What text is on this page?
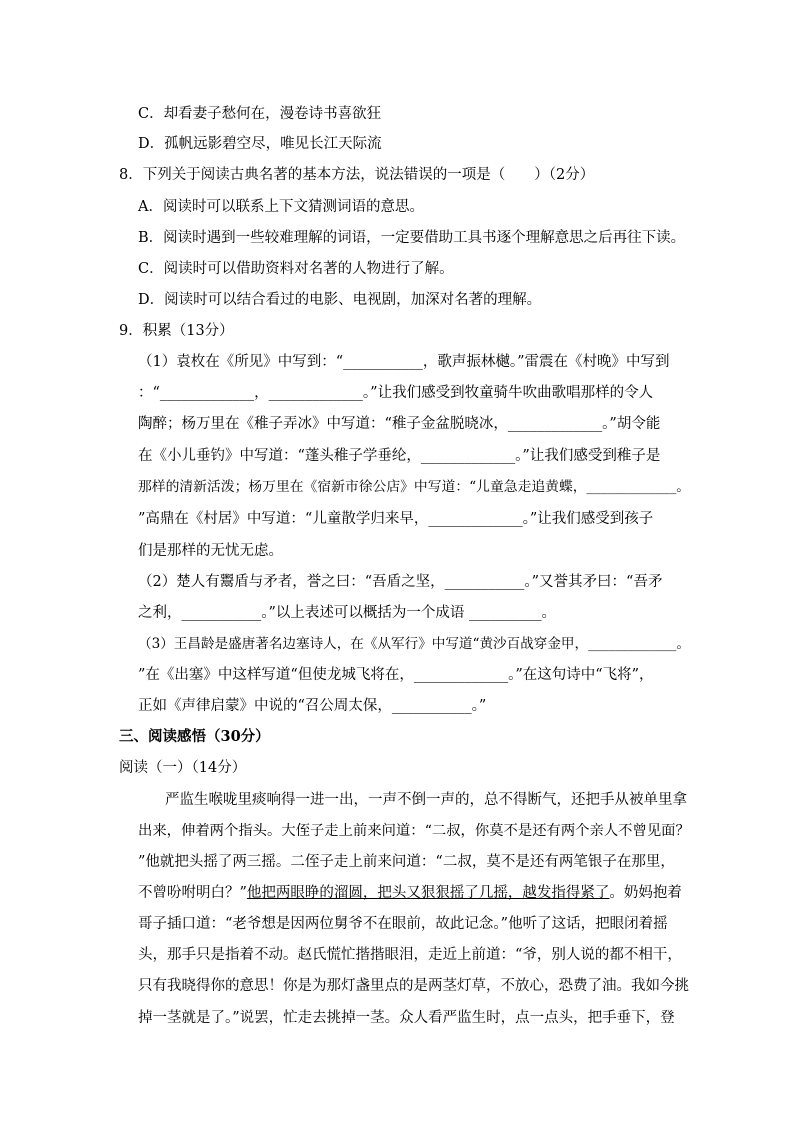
C．却看妻子愁何在，漫卷诗书喜欲狂
D．孤帆远影碧空尽，唯见长江天际流
8．下列关于阅读古典名著的基本方法，说法错误的一项是（　　）（2分）
A．阅读时可以联系上下文猜测词语的意思。
B．阅读时遇到一些较难理解的词语，一定要借助工具书逐个理解意思之后再往下读。
C．阅读时可以借助资料对名著的人物进行了解。
D．阅读时可以结合看过的电影、电视剧，加深对名著的理解。
9．积累（13分）
（1）袁枚在《所见》中写到：“___________，歌声振林樾。”雷震在《村晚》中写到
：“_____________，_____________。”让我们感受到牧童骑牛吹曲歌唱那样的令人
陶醉；杨万里在《稚子弄冰》中写道：“稚子金盆脱晓冰，_____________。”胡令能
在《小儿垂钓》中写道：“蓬头稚子学垂纶，_____________。”让我们感受到稚子是
那样的清新活泼；杨万里在《宿新市徐公店》中写道：“儿童急走追黄蝶，_____________。
”高鼎在《村居》中写道：“儿童散学归来早，_____________。”让我们感受到孩子
们是那样的无忧无虑。
（2）楚人有鬻盾与矛者，誉之曰：“吾盾之坚，___________。”又誉其矛曰：“吾矛
之利，___________。”以上表述可以概括为一个成语 __________。
（3）王昌龄是盛唐著名边塞诗人，在《从军行》中写道“黄沙百战穿金甲，_____________。
”在《出塞》中这样写道“但使龙城飞将在，_____________。”在这句诗中“飞将”，
正如《声律启蒙》中说的“召公周太保，___________。”
三、阅读感悟（30分）
阅读（一）（14分）
严监生喉咙里痰响得一进一出，一声不倒一声的，总不得断气，还把手从被单里拿
出来，伸着两个指头。大侄子走上前来问道：“二叔，你莫不是还有两个亲人不曾见面？
”他就把头摇了两三摇。二侄子走上前来问道：“二叔，莫不是还有两笔银子在那里，
不曾吩咐明白？”他把两眼睁的溜圆，把头又狠狠摇了几摇，越发指得紧了。奶妈抱着
哥子插口道：“老爷想是因两位舅爷不在眼前，故此记念。”他听了这话，把眼闭着摇
头，那手只是指着不动。赵氏慌忙揩揩眼泪，走近上前道：“爷，别人说的都不相干，
只有我晓得你的意思！你是为那灯盏里点的是两茎灯草，不放心，恐费了油。我如今挑
掉一茎就是了。”说罢，忙走去挑掉一茎。众人看严监生时，点一点头，把手垂下，登
